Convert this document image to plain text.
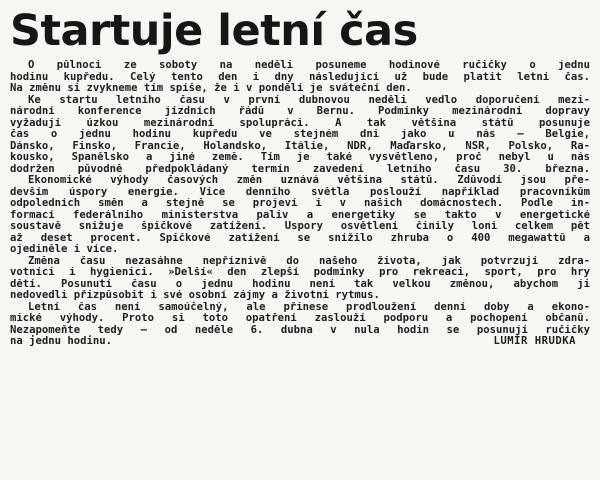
Startuje letní čas

O půlnoci ze soboty na neděli posuneme hodinové ručičky o jednu
hodinu kupředu. Celý tento den i dny následující už bude platit letní čas.
Na změnu si zvykneme tím spíše, že i v pondělí je sváteční den.

Ke startu letního času v první dubnovou neděli vedlo doporučení mezi-
národní konference jízdních řádů v Bernu. Podmínky mezinárodní dopravy
vyžadují úzkou mezinárodní spolupráci. A tak většina států posunuje
čas o jednu hodinu kupředu ve stejném dni jako u nás — Belgie,
Dánsko, Finsko, Francie, Holandsko, Itálie, NDR, Maďarsko, NSR, Polsko, Ra-
kousko, Španělsko a jiné země. Tím je také vysvětleno, proč nebyl u nás
dodržen původně předpokládaný termín zavedení letního času 30. března.

Ekonomické výhody časových změn uznává většina států. Zdůvodí jsou pře-
devším úspory energie. Více denního světla poslouží například pracovníkům
odpoledních směn a stejně se projeví i v našich domácnostech. Podle in-
formací federálního ministerstva paliv a energetiky se takto v energetické
soustavě snižuje špičkové zatížení. Úspory osvětlení činily loni celkem pět
až deset procent. Špičkové zatížení se snížilo zhruba o 400 megawattů a
ojediněle i více.

Změna času nezasáhne nepříznivě do našeho života, jak potvrzují zdra-
votníci i hygienici. »Delší« den zlepší podmínky pro rekreaci, sport, pro hry
dětí. Posunutí času o jednu hodinu není tak velkou změnou, abychom ji
nedovedli přizpůsobit i své osobní zájmy a životní rytmus.

Letní čas není samoúčelný, ale přinese prodloužení denní doby a ekono-
mické výhody. Proto si toto opatření zaslouží podporu a pochopení občanů.
Nezapomeňte tedy — od neděle 6. dubna v nula hodin se posunují ručičky
na jednu hodinu.	LUMÍR HRUDKA
